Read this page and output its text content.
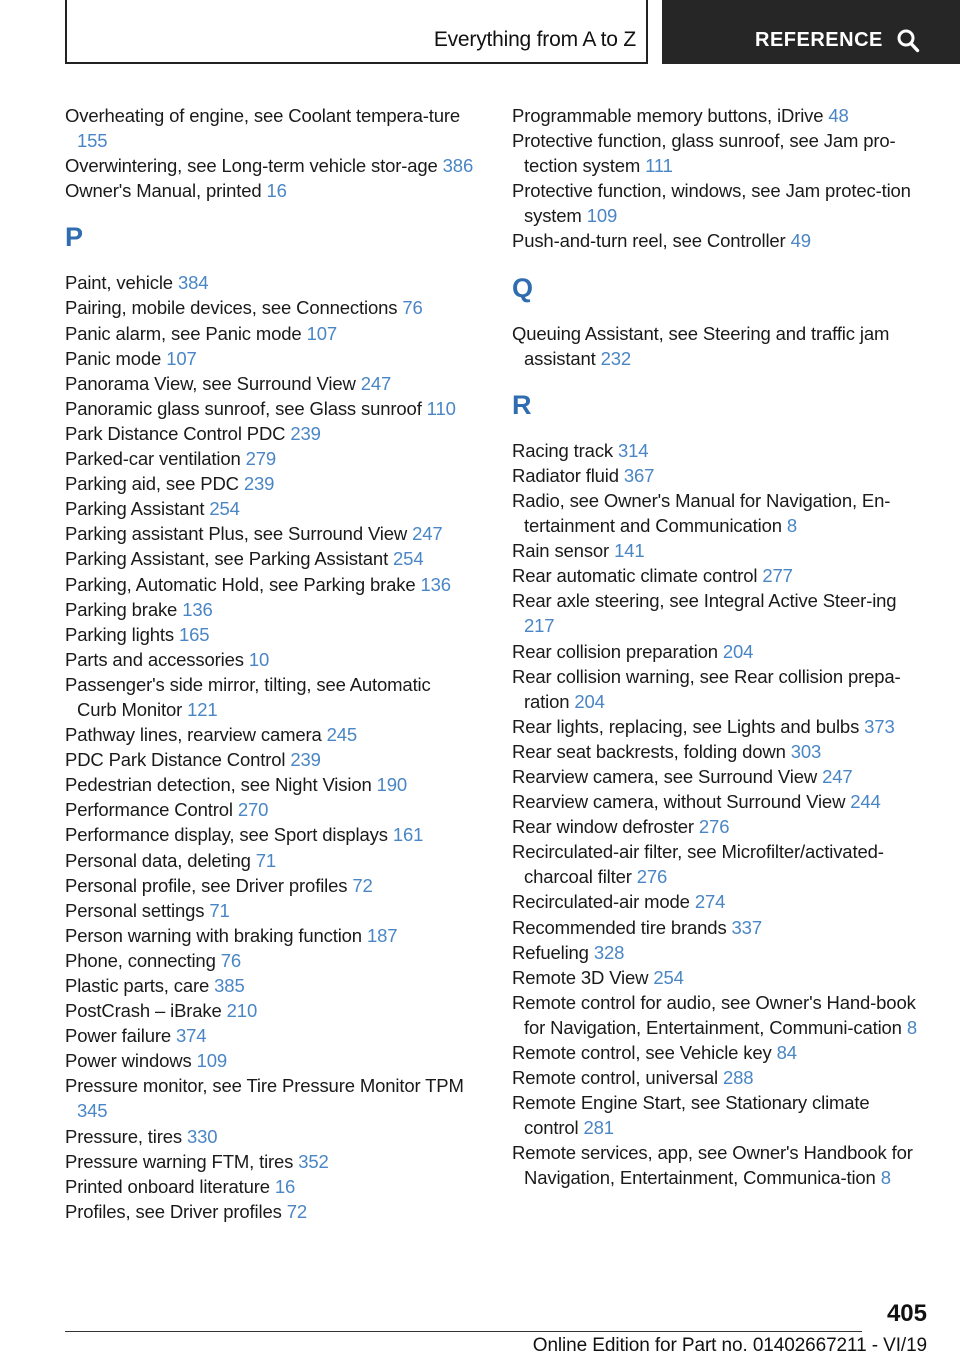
Everything from A to Z	REFERENCE

Overheating of engine, see Coolant tempera-ture 155

Overwintering, see Long-term vehicle stor-age 386

Owner's Manual, printed 16

P

Paint, vehicle 384

Pairing, mobile devices, see Connections 76

Panic alarm, see Panic mode 107

Panic mode 107

Panorama View, see Surround View 247

Panoramic glass sunroof, see Glass sunroof 110

Park Distance Control PDC 239

Parked-car ventilation 279

Parking aid, see PDC 239

Parking Assistant 254

Parking assistant Plus, see Surround View 247

Parking Assistant, see Parking Assistant 254

Parking, Automatic Hold, see Parking brake 136

Parking brake 136

Parking lights 165

Parts and accessories 10

Passenger's side mirror, tilting, see Automatic Curb Monitor 121

Pathway lines, rearview camera 245

PDC Park Distance Control 239

Pedestrian detection, see Night Vision 190

Performance Control 270

Performance display, see Sport displays 161

Personal data, deleting 71

Personal profile, see Driver profiles 72

Personal settings 71

Person warning with braking function 187

Phone, connecting 76

Plastic parts, care 385

PostCrash – iBrake 210

Power failure 374

Power windows 109

Pressure monitor, see Tire Pressure Monitor TPM 345

Pressure, tires 330

Pressure warning FTM, tires 352

Printed onboard literature 16

Profiles, see Driver profiles 72

Programmable memory buttons, iDrive 48

Protective function, glass sunroof, see Jam pro-tection system 111

Protective function, windows, see Jam protec-tion system 109

Push-and-turn reel, see Controller 49

Q

Queuing Assistant, see Steering and traffic jam assistant 232

R

Racing track 314

Radiator fluid 367

Radio, see Owner's Manual for Navigation, En-tertainment and Communication 8

Rain sensor 141

Rear automatic climate control 277

Rear axle steering, see Integral Active Steer-ing 217

Rear collision preparation 204

Rear collision warning, see Rear collision prepa-ration 204

Rear lights, replacing, see Lights and bulbs 373

Rear seat backrests, folding down 303

Rearview camera, see Surround View 247

Rearview camera, without Surround View 244

Rear window defroster 276

Recirculated-air filter, see Microfilter/activated-charcoal filter 276

Recirculated-air mode 274

Recommended tire brands 337

Refueling 328

Remote 3D View 254

Remote control for audio, see Owner's Hand-book for Navigation, Entertainment, Communi-cation 8

Remote control, see Vehicle key 84

Remote control, universal 288

Remote Engine Start, see Stationary climate control 281

Remote services, app, see Owner's Handbook for Navigation, Entertainment, Communica-tion 8

405
Online Edition for Part no. 01402667211 - VI/19
